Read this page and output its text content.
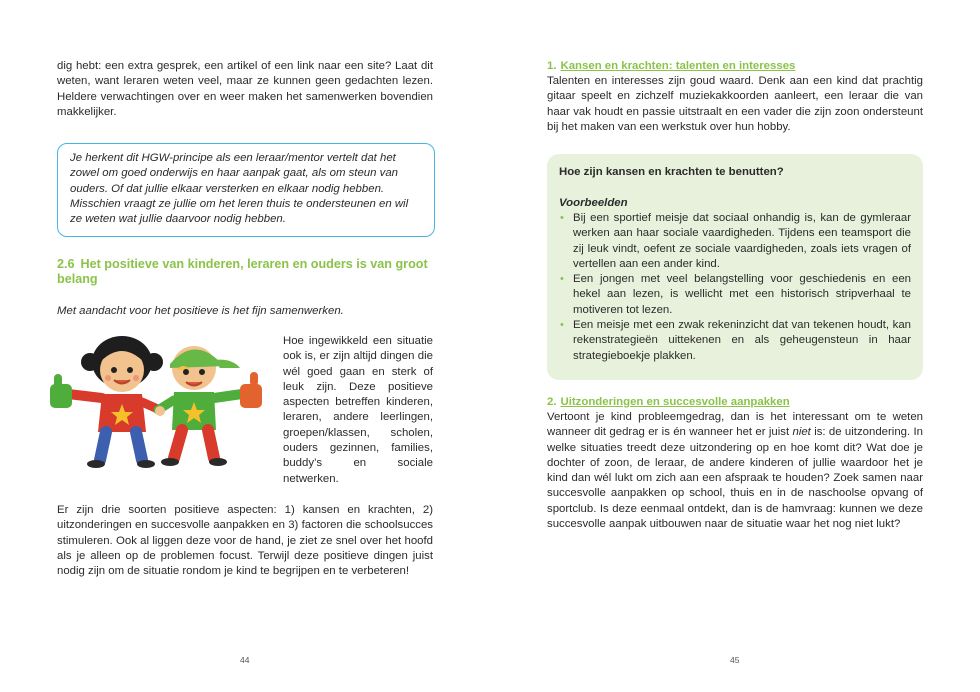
dig hebt: een extra gesprek, een artikel of een link naar een site? Laat dit weten, want leraren weten veel, maar ze kunnen geen gedachten lezen. Heldere verwachtingen over en weer maken het samenwerken bovendien makkelijker.

Je herkent dit HGW-principe als een leraar/mentor vertelt dat het zowel om goed onderwijs en haar aanpak gaat, als om steun van ouders. Of dat jullie elkaar versterken en elkaar nodig hebben. Misschien vraagt ze jullie om het leren thuis te ondersteunen en wil ze weten wat jullie daarvoor nodig hebben.
2.6 Het positieve van kinderen, leraren en ouders is van groot belang

Met aandacht voor het positieve is het fijn samenwerken.

Hoe ingewikkeld een situatie ook is, er zijn altijd dingen die wél goed gaan en sterk of leuk zijn. Deze positieve aspecten betreffen kinderen, leraren, andere leerlingen, groepen/klassen, scholen, ouders gezinnen, families, buddy’s en sociale netwerken.

Er zijn drie soorten positieve aspecten: 1) kansen en krachten, 2) uitzonderingen en succesvolle aanpakken en 3) factoren die schoolsucces stimuleren. Ook al liggen deze voor de hand, je ziet ze snel over het hoofd als je alleen op de problemen focust. Terwijl deze positieve dingen juist nodig zijn om de situatie rondom je kind te begrijpen en te verbeteren!

44

1. Kansen en krachten: talenten en interesses

Talenten en interesses zijn goud waard. Denk aan een kind dat prachtig gitaar speelt en zichzelf muziekakkoorden aanleert, een leraar die van haar vak houdt en passie uitstraalt en een vader die zijn zoon ondersteunt bij het maken van een werkstuk over hun hobby.

Hoe zijn kansen en krachten te benutten?

Voorbeelden

• Bij een sportief meisje dat sociaal onhandig is, kan de gymleraar werken aan haar sociale vaardigheden. Tijdens een teamsport die zij leuk vindt, oefent ze sociale vaardigheden, zoals iets vragen of vertellen aan een ander kind.
• Een jongen met veel belangstelling voor geschiedenis en een hekel aan lezen, is wellicht met een historisch stripverhaal te motiveren tot lezen.
• Een meisje met een zwak rekeninzicht dat van tekenen houdt, kan rekenstrategieën uittekenen en als geheugensteun in haar strategieboekje plakken.

2. Uitzonderingen en succesvolle aanpakken

Vertoont je kind probleemgedrag, dan is het interessant om te weten wanneer dit gedrag er is én wanneer het er juist niet is: de uitzondering. In welke situaties treedt deze uitzondering op en hoe komt dit? Wat doe je dochter of zoon, de leraar, de andere kinderen of jullie waardoor het je kind dan wél lukt om zich aan een afspraak te houden? Zoek samen naar succesvolle aanpakken op school, thuis en in de naschoolse opvang of sportclub. Is deze eenmaal ontdekt, dan is de hamvraag: kunnen we deze succesvolle aanpak uitbouwen naar de situatie waar het nog niet lukt?

45
